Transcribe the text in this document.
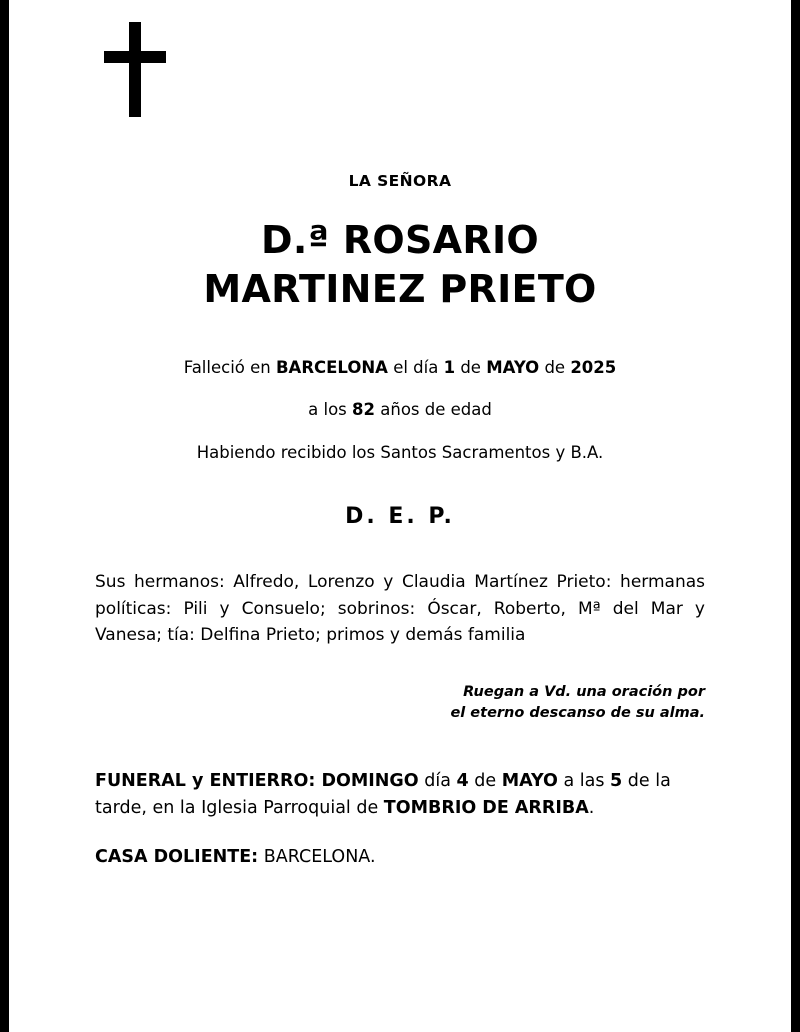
LA SEÑORA
D.ª ROSARIO
MARTINEZ PRIETO
Falleció en BARCELONA el día 1 de MAYO de 2025
a los 82 años de edad
Habiendo recibido los Santos Sacramentos y B.A.
D. E. P.
Sus hermanos: Alfredo, Lorenzo y Claudia Martínez Prieto: hermanas políticas: Pili y Consuelo; sobrinos: Óscar, Roberto, Mª del Mar y Vanesa; tía: Delfina Prieto; primos y demás familia
Ruegan a Vd. una oración por
el eterno descanso de su alma.
FUNERAL y ENTIERRO: DOMINGO día 4 de MAYO a las 5 de la tarde, en la Iglesia Parroquial de TOMBRIO DE ARRIBA.
CASA DOLIENTE: BARCELONA.
